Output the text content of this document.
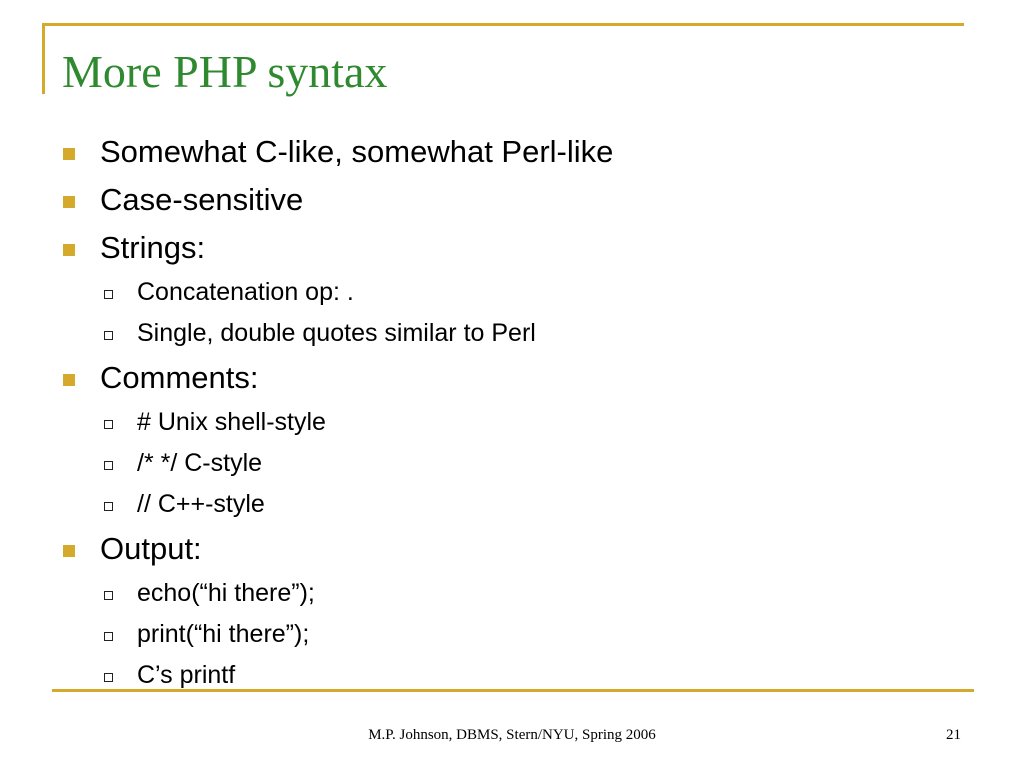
More PHP syntax
Somewhat C-like, somewhat Perl-like
Case-sensitive
Strings:
Concatenation op: .
Single, double quotes similar to Perl
Comments:
# Unix shell-style
/* */ C-style
// C++-style
Output:
echo(“hi there”);
print(“hi there”);
C’s printf
M.P. Johnson, DBMS, Stern/NYU, Spring 2006	21
